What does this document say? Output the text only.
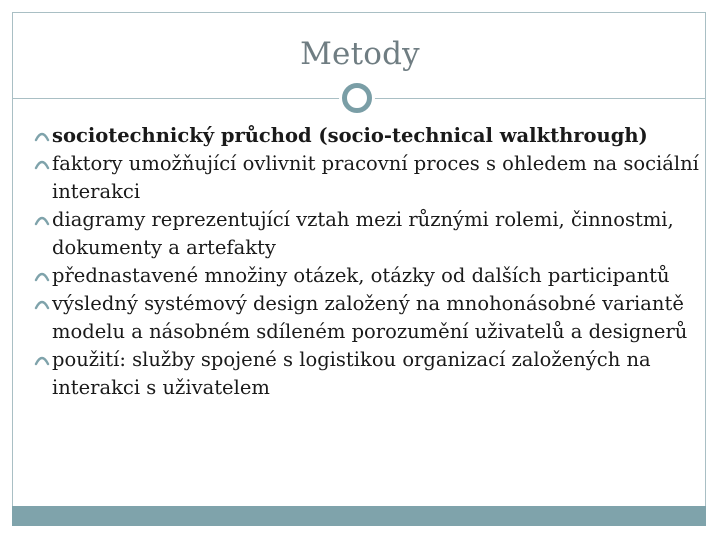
Metody
sociotechnický průchod (socio-technical walkthrough)
faktory umožňující ovlivnit pracovní proces s ohledem na sociální interakci
diagramy reprezentující vztah mezi různými rolemi, činnostmi, dokumenty a artefakty
přednastavené množiny otázek, otázky od dalších participantů
výsledný systémový design založený na mnohonásobné variantě modelu a násobném sdíleném porozumění uživatelů a designerů
použití: služby spojené s logistikou organizací založených na interakci s uživatelem
